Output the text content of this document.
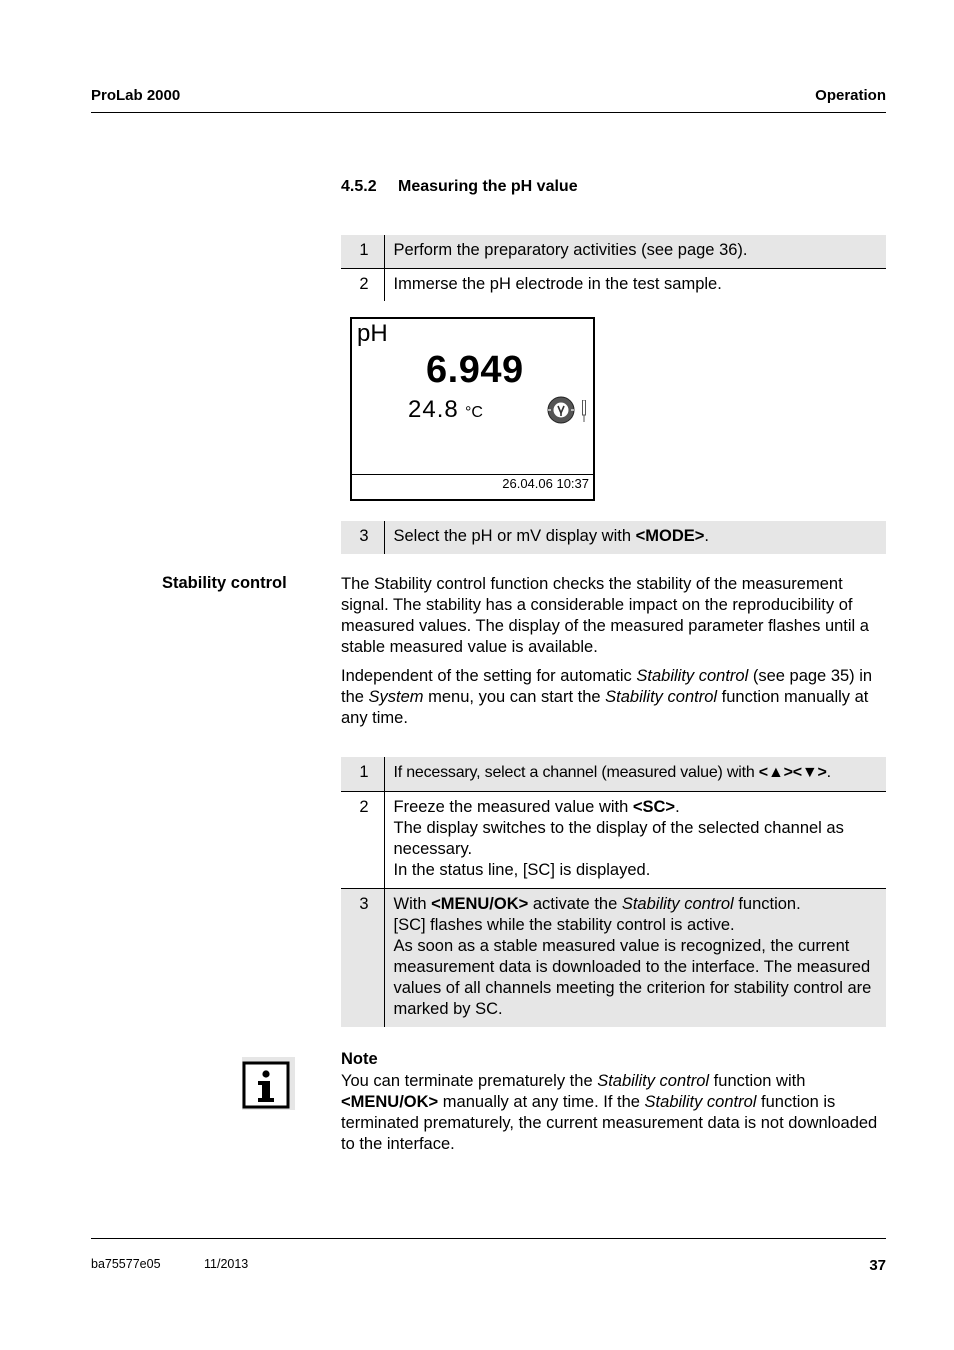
ProLab 2000	Operation
4.5.2 Measuring the pH value
1	Perform the preparatory activities (see page 36).
2	Immerse the pH electrode in the test sample.
pH
6.949
24.8 °C
26.04.06 10:37
3	Select the pH or mV display with <MODE>.
Stability control	The Stability control function checks the stability of the measurement signal. The stability has a considerable impact on the reproducibility of measured values. The display of the measured parameter flashes until a stable measured value is available.

Independent of the setting for automatic Stability control (see page 35) in the System menu, you can start the Stability control function manually at any time.

1	If necessary, select a channel (measured value) with <▲><▼>.
2	Freeze the measured value with <SC>.
The display switches to the display of the selected channel as necessary.
In the status line, [SC] is displayed.

3	With <MENU/OK> activate the Stability control function.
[SC] flashes while the stability control is active.
As soon as a stable measured value is recognized, the current measurement data is downloaded to the interface. The measured values of all channels meeting the criterion for stability control are marked by SC.
Note

You can terminate prematurely the Stability control function with <MENU/OK> manually at any time. If the Stability control function is terminated prematurely, the current measurement data is not downloaded to the interface.

ba75577e05	11/2013	37
